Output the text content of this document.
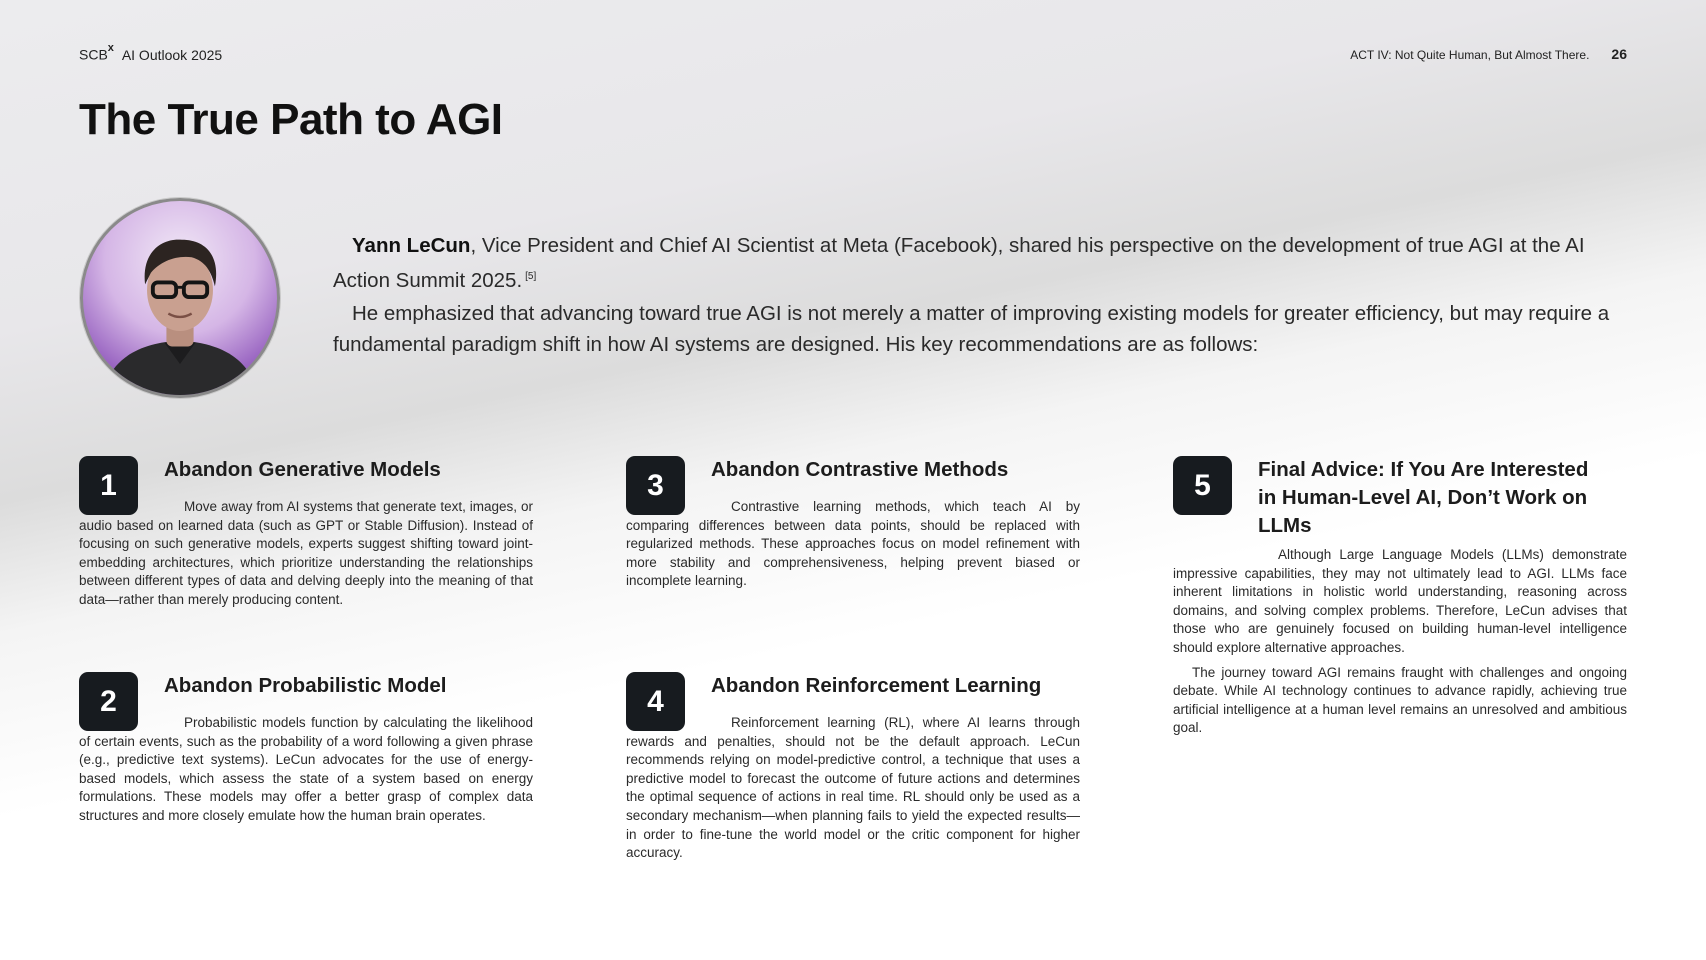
SCB$^x$ AI Outlook 2025	ACT IV: Not Quite Human, But Almost There. 26
The True Path to AGI

Yann LeCun, Vice President and Chief AI Scientist at Meta (Facebook), shared his perspective on the development of true AGI at the AI Action Summit 2025. [5]

He emphasized that advancing toward true AGI is not merely a matter of improving existing models for greater efficiency, but may require a fundamental paradigm shift in how AI systems are designed. His key recommendations are as follows:

1	Abandon Generative Models

Move away from AI systems that generate text, images, or audio based on learned data (such as GPT or Stable Diffusion). Instead of focusing on such generative models, experts suggest shifting toward joint-embedding architectures, which prioritize understanding the relationships between different types of data and delving deeply into the meaning of that data—rather than merely producing content.

2	Abandon Probabilistic Model

Probabilistic models function by calculating the likelihood of certain events, such as the probability of a word following a given phrase (e.g., predictive text systems). LeCun advocates for the use of energy-based models, which assess the state of a system based on energy formulations. These models may offer a better grasp of complex data structures and more closely emulate how the human brain operates.

3	Abandon Contrastive Methods

Contrastive learning methods, which teach AI by comparing differences between data points, should be replaced with regularized methods. These approaches focus on model refinement with more stability and comprehensiveness, helping prevent biased or incomplete learning.

4	Abandon Reinforcement Learning

Reinforcement learning (RL), where AI learns through rewards and penalties, should not be the default approach. LeCun recommends relying on model-predictive control, a technique that uses a predictive model to forecast the outcome of future actions and determines the optimal sequence of actions in real time. RL should only be used as a secondary mechanism—when planning fails to yield the expected results—in order to fine-tune the world model or the critic component for higher accuracy.

5	Final Advice: If You Are Interested
in Human-Level AI, Don’t Work on LLMs

Although Large Language Models (LLMs) demonstrate impressive capabilities, they may not ultimately lead to AGI. LLMs face inherent limitations in holistic world understanding, reasoning across domains, and solving complex problems. Therefore, LeCun advises that those who are genuinely focused on building human-level intelligence should explore alternative approaches.

The journey toward AGI remains fraught with challenges and ongoing debate. While AI technology continues to advance rapidly, achieving true artificial intelligence at a human level remains an unresolved and ambitious goal.
